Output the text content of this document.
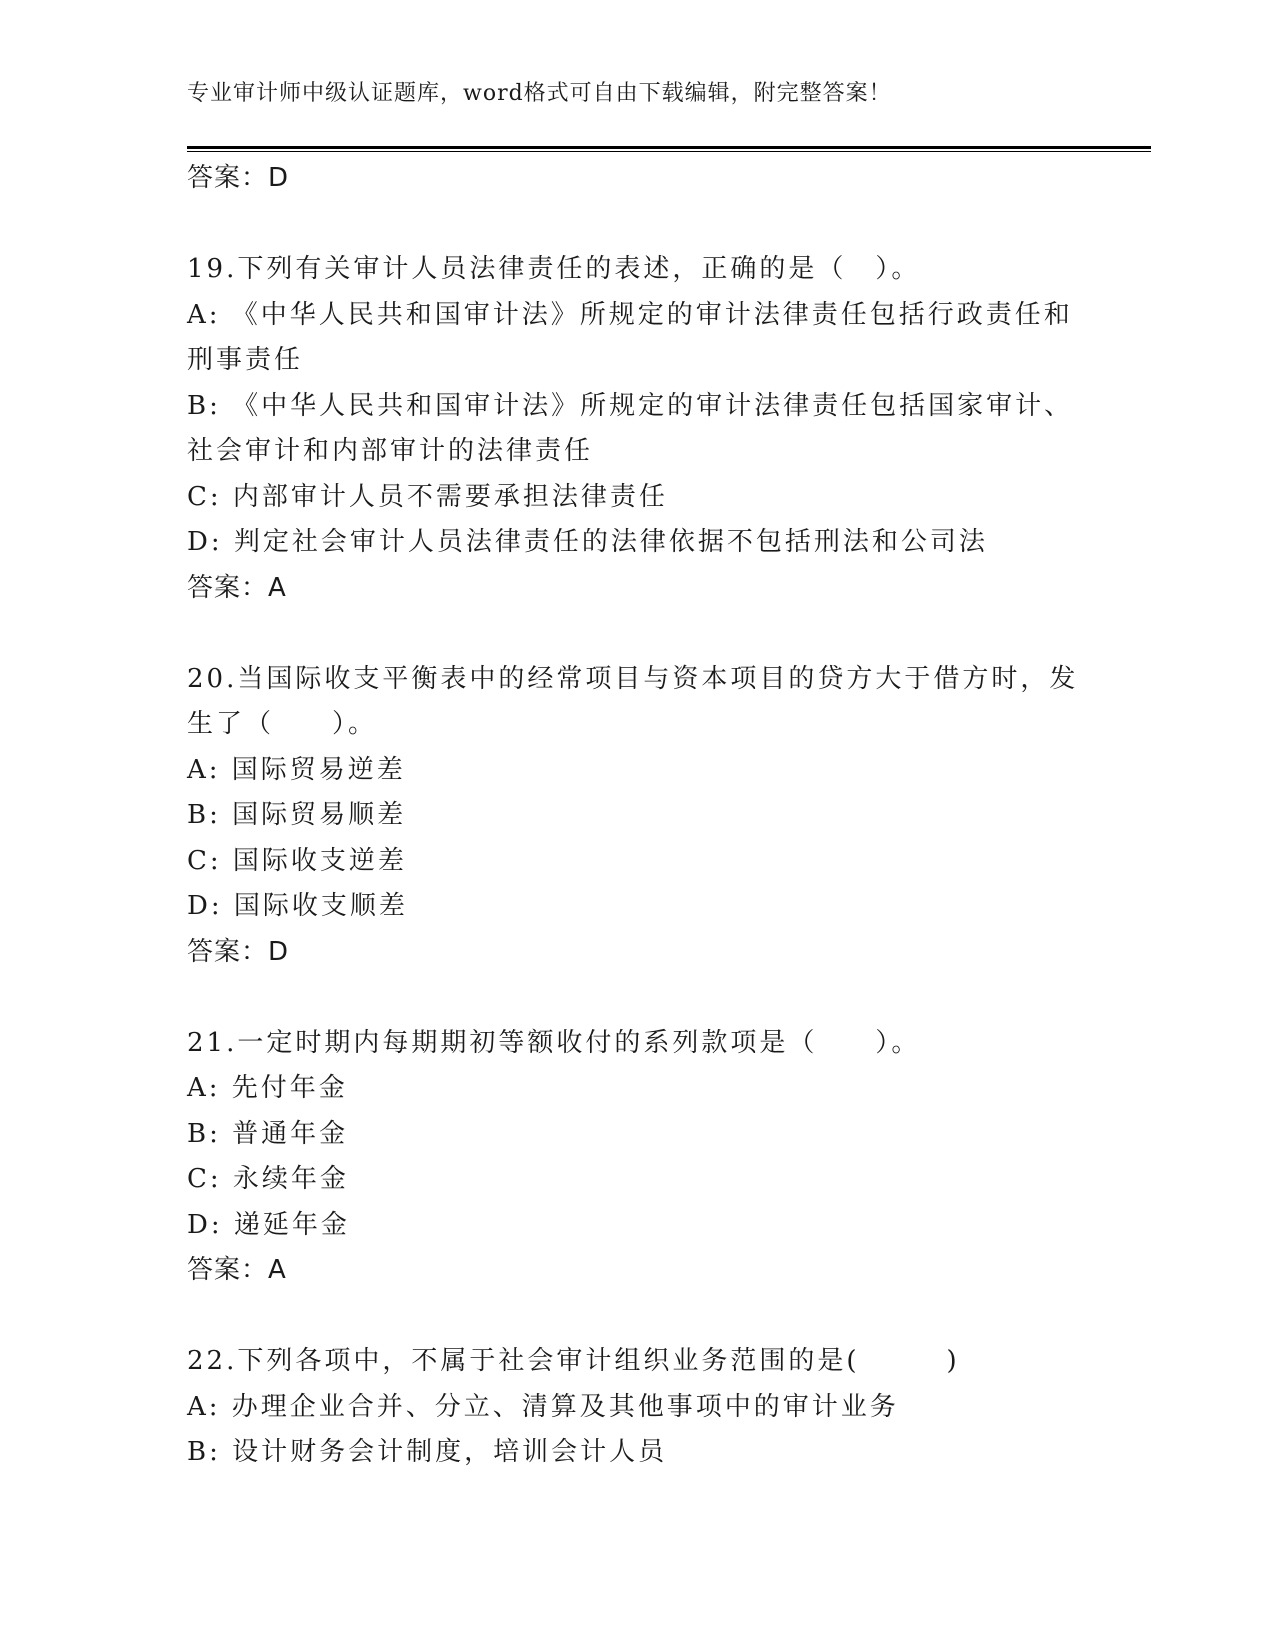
专业审计师中级认证题库，word格式可自由下载编辑，附完整答案！
答案：D
19.下列有关审计人员法律责任的表述，正确的是（　）。
A: 《中华人民共和国审计法》所规定的审计法律责任包括行政责任和
刑事责任
B: 《中华人民共和国审计法》所规定的审计法律责任包括国家审计、
社会审计和内部审计的法律责任
C: 内部审计人员不需要承担法律责任
D: 判定社会审计人员法律责任的法律依据不包括刑法和公司法
答案：A
20.当国际收支平衡表中的经常项目与资本项目的贷方大于借方时，发
生了（　　）。
A: 国际贸易逆差
B: 国际贸易顺差
C: 国际收支逆差
D: 国际收支顺差
答案：D
21.一定时期内每期期初等额收付的系列款项是（　　）。
A: 先付年金
B: 普通年金
C: 永续年金
D: 递延年金
答案：A
22.下列各项中，不属于社会审计组织业务范围的是(　　　)
A: 办理企业合并、分立、清算及其他事项中的审计业务
B: 设计财务会计制度，培训会计人员
